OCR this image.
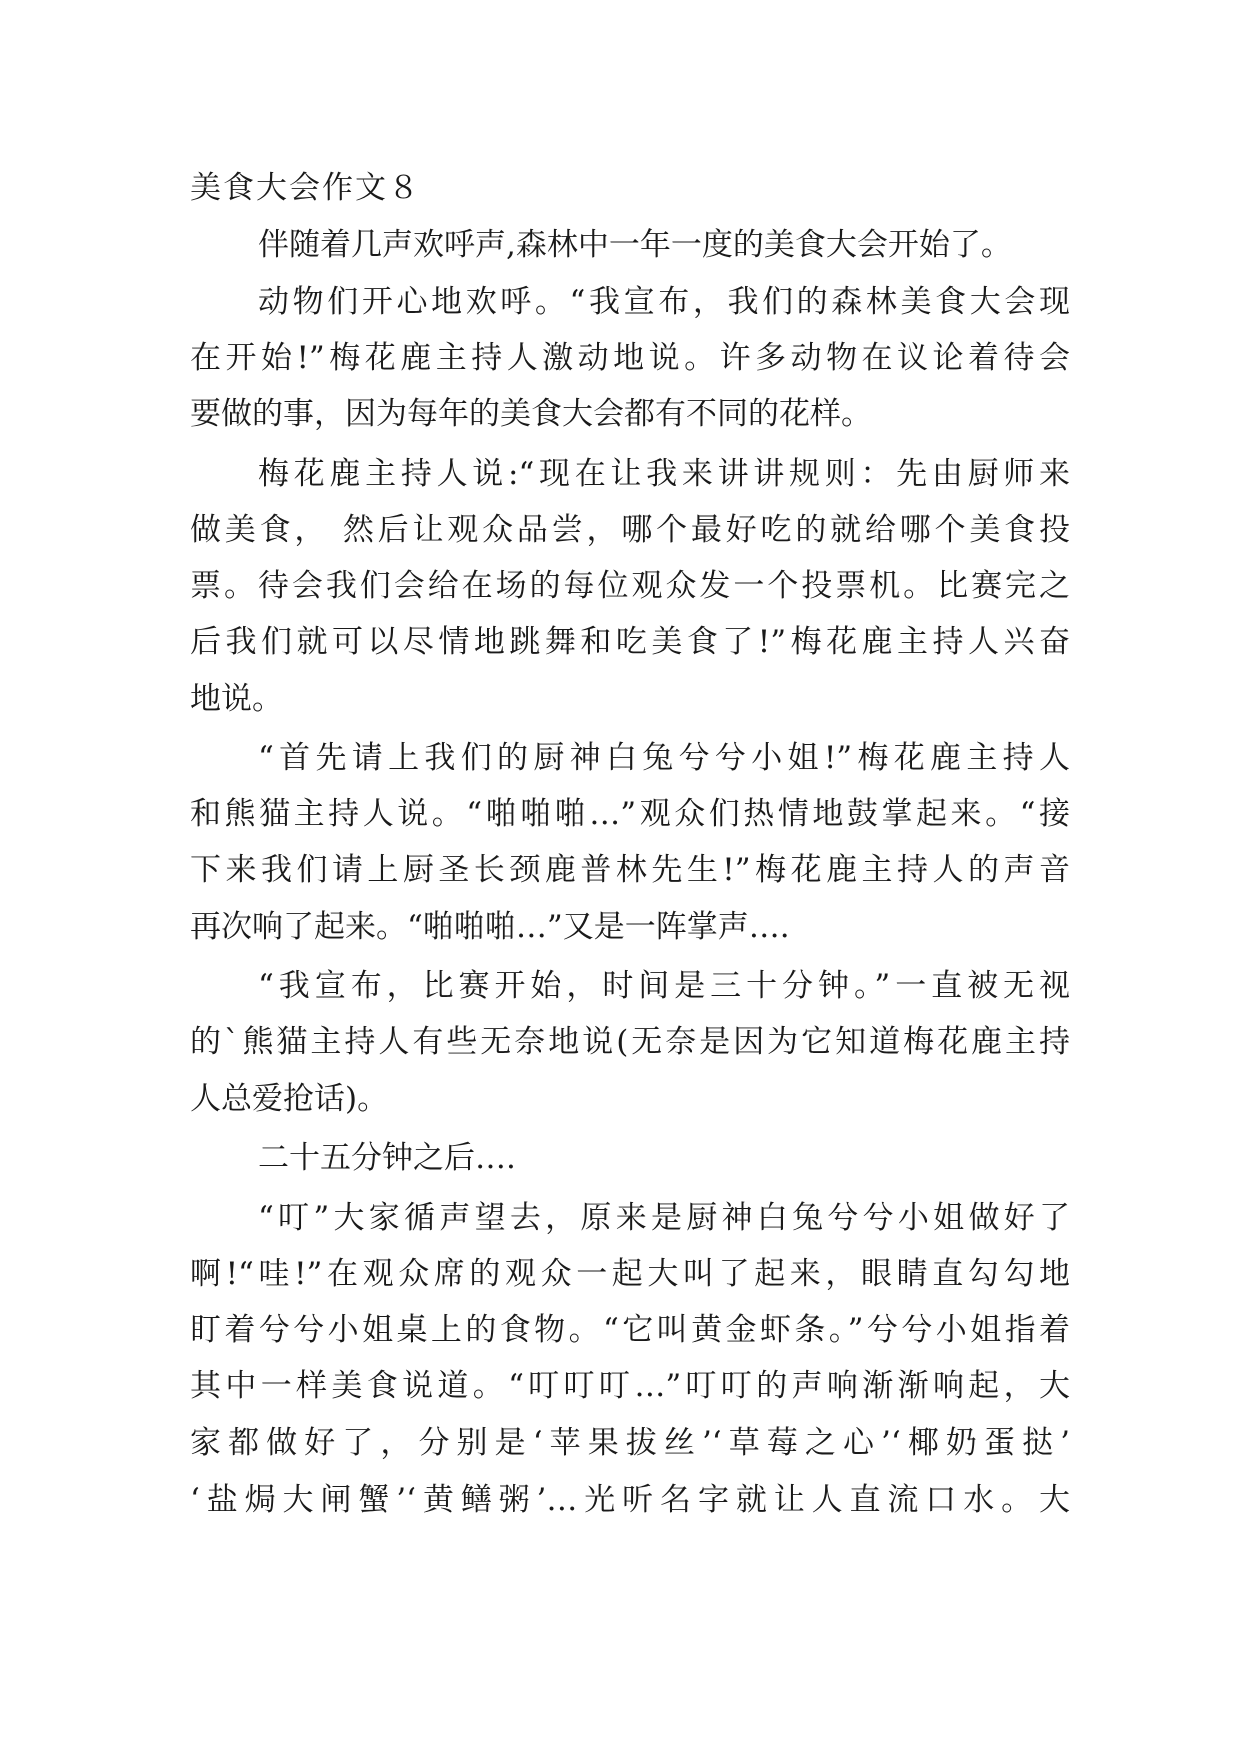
美食大会作文８

伴随着几声欢呼声,森林中一年一度的美食大会开始了。

动物们开心地欢呼。“我宣布，我们的森林美食大会现

在开始!”梅花鹿主持人激动地说。许多动物在议论着待会

要做的事，因为每年的美食大会都有不同的花样。

梅花鹿主持人说:“现在让我来讲讲规则：先由厨师来

做美食， 然后让观众品尝，哪个最好吃的就给哪个美食投

票。待会我们会给在场的每位观众发一个投票机。比赛完之

后我们就可以尽情地跳舞和吃美食了!”梅花鹿主持人兴奋

地说。

“首先请上我们的厨神白兔兮兮小姐!”梅花鹿主持人

和熊猫主持人说。“啪啪啪…”观众们热情地鼓掌起来。“接

下来我们请上厨圣长颈鹿普林先生!”梅花鹿主持人的声音

再次响了起来。“啪啪啪…”又是一阵掌声….

“我宣布，比赛开始，时间是三十分钟。”一直被无视

的`熊猫主持人有些无奈地说(无奈是因为它知道梅花鹿主持

人总爱抢话)。

二十五分钟之后….

“叮”大家循声望去，原来是厨神白兔兮兮小姐做好了

啊!“哇!”在观众席的观众一起大叫了起来，眼睛直勾勾地

盯着兮兮小姐桌上的食物。“它叫黄金虾条。”兮兮小姐指着

其中一样美食说道。“叮叮叮…”叮叮的声响渐渐响起，大

家都做好了，分别是‘苹果拔丝’‘草莓之心’‘椰奶蛋挞’

‘盐焗大闸蟹’‘黄鳝粥’…光听名字就让人直流口水。大
